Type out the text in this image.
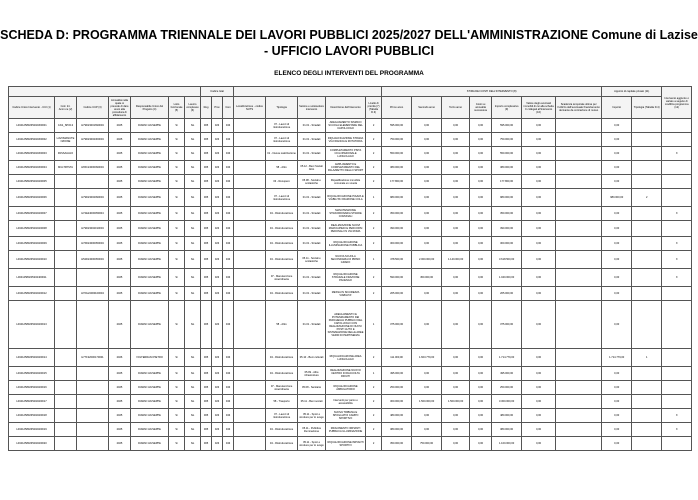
SCHEDA D: PROGRAMMA TRIENNALE DEI LAVORI PUBBLICI 2025/2027 DELL'AMMINISTRAZIONE Comune di Lazise
- UFFICIO LAVORI PUBBLICI
ELENCO DEGLI INTERVENTI DEL PROGRAMMA
							Codice Istat								STIMA DEI COSTI DELL'INTERVENTO (8)							Apporto di capitale privato (11)		Intervento aggiunto o variato a seguito di modifica programma (12)
Codice Unico Intervento - CUI (1)	Cod. Int. Amm.ne (2)	Codice CUP (3)	Annualità nella quale si prevede di dare avvio alla procedura di affidamento	Responsabile Unico del Progetto (4)	Lotto funzionale (5)	Lavoro complesso (6)	Reg	Prov	Com	Localizzazione - codice NUTS	Tipologia	Settore e sottosettore intervento	Descrizione dell'intervento	Livello di priorità (7) (Tabella D.3)	Primo anno	Secondo anno	Terzo anno	Costi su annualità successiva	Importo complessivo (9)	Valore degli eventuali immobili di cui alla scheda C collegati all'intervento (10)	Scadenza temporale ultima per l'utilizzo dell'eventuale finanziamento derivante da contrazione di mutuo	Importo	Tipologia (Tabella D.4)	
L00412580235202300001	CAS_SPO13	H79D23001690004	2025	DIANNI GIUSEPPE	Si	No	005	023	043		07 - Lavori di ristrutturazione	01.01 - Stradali	ADEGUAMENTO SISMICO SCUOLA ELEMENTARE DEL CAPOLUOGO	2	595.000,00	0,00	0,00	0,00	595.000,00	0,00		0,00		
L00412580235202300002	LAVOMANUTENZIONE	H79D23002300004	2025	DIANNI GIUSEPPE	Si	No	005	023	043		07 - Lavori di ristrutturazione	01.01 - Stradali	RIQUALIFICAZIONE STRADA VIA FRANCIA E ROTATORIA	2	750.000,00	0,00	0,00	0,00	750.000,00	0,00		0,00		
L00412580235202300003	PASSAGGIO		2025	DIANNI GIUSEPPE	Si	No	005	023	043		01 - Nuova realizzazione	01.01 - Stradali	COMPLETAMENTO PISTA CICLOPEDONALE LUNGOLAGO	2	550.000,00	0,00	0,00	0,00	550.000,00	0,00		0,00		X
L00412580235202300004	MULTIPISTA	H65C24000090004	2025	DIANNI GIUSEPPE	Si	No	005	023	043		58 - Altro	05.12 - Beni Sociali Altro	AMPLIAMENTO E COMPLETAMENTO DEL PALAZZETTO DELLO SPORT	2	380.000,00	0,00	0,00	0,00	380.000,00	0,00		0,00		
L00412580235202400005			2025	DIANNI GIUSEPPE	Si	No	005	023	043		03 - Recupero	05.08 - Sociali e scolastiche	Riqualificazione immobile comunale ex scuola	2	177.800,00	0,00	0,00	0,00	177.800,00	0,00		0,00		
L00412580235202400006		H79D23002090004	2025	DIANNI GIUSEPPE	Si	No	005	023	043		07 - Lavori di ristrutturazione	01.01 - Stradali	RIQUALIFICAZIONE PIAZZA E VIABILITA' FRAZIONE COLA	1	980.000,00	0,00	0,00	0,00	980.000,00	0,00		980.000,00	2	
L00412580235202400007		H72E24000050004	2025	DIANNI GIUSEPPE	Si	No	005	023	043		04 - Ristrutturazione	01.01 - Stradali	MANUTENZIONE STRAORDINARIA STRADE COMUNALI	2	350.000,00	0,00	0,00	0,00	350.000,00	0,00		0,00		X
L00412580235202400008		H79D23002190004	2025	DIANNI GIUSEPPE	Si	No	005	023	043		04 - Ristrutturazione	01.01 - Stradali	REALIZZAZIONE NUOVI MARCIAPIEDI E PERCORSI PEDONALI IN VIA ROMA	2	390.000,00	0,00	0,00	0,00	390.000,00	0,00		0,00		
L00412580235202400009		H76D24000050004	2025	DIANNI GIUSEPPE	Si	No	005	023	043		04 - Ristrutturazione	01.01 - Stradali	RIQUALIFICAZIONE ILLUMINAZIONE PUBBLICA	2	300.000,00	0,00	0,00	0,00	300.000,00	0,00		0,00		X
L00412580235202400010		H52D24000050004	2025	DIANNI GIUSEPPE	Si	No	005	023	043		04 - Ristrutturazione	05.11 - Sociali e scolastiche	NUOVA SCUOLA SECONDARIA DI PRIMO GRADO	1	478.500,00	2.000.000,00	1.140.000,00	0,00	3.618.500,00	0,00		0,00		X
L00412580235202400011			2025	DIANNI GIUSEPPE	Si	No	005	023	043		07 - Manutenzione straordinaria	01.01 - Stradali	RIQUALIFICAZIONE STRADALE FRAZIONE PACENGO	2	590.000,00	450.000,00	0,00	0,00	1.040.000,00	0,00		0,00		X
L00412580235202400012		H76G24000100004	2025	DIANNI GIUSEPPE	Si	No	005	023	043		04 - Ristrutturazione	01.01 - Stradali	MESSA IN SICUREZZA VIABILITA'	2	265.000,00	0,00	0,00	0,00	265.000,00	0,00		0,00		
L00412580235202400013			2025	DIANNI GIUSEPPE	Si	No	005	023	043		58 - Altro	01.01 - Stradali	ADEGUAMENTO E POTENZIAMENTO DEI PARCHEGGI PUBBLICI DEL CAPOLUOGO CON REALIZZAZIONE DI NUOVI POSTI AUTO E SISTEMAZIONE DELLE AREE VERDI DI PERTINENZA	1	375.000,00	0,00	0,00	0,00	375.000,00	0,00		0,00		
L00412580235202400014		H77F22000170001	2026	VOLTERRANI PIETRO	Si	No	005	023	043		04 - Ristrutturazione	05.10 - Beni culturali	RIQUALIFICAZIONE AREA LUNGOLAGO	2	111.000,00	1.603.779,00	0,00	0,00	1.714.779,00	0,00		1.714.779,00	1	
L00412580235202400015			2025	DIANNI GIUSEPPE	Si	No	005	023	043		04 - Ristrutturazione	05.99 - Altre infrastrutture	REALIZZAZIONE NUOVO CENTRO DI RACCOLTA RIFIUTI	1	495.000,00	0,00	0,00	0,00	495.000,00	0,00		0,00		
L00412580235202400016			2025	DIANNI GIUSEPPE	Si	No	005	023	043		07 - Manutenzione straordinaria	05.08 - Sanitarie	RIQUALIFICAZIONE AMBULATORIO	2	250.000,00	0,00	0,00	0,00	250.000,00	0,00		0,00		
L00412580235202400017			2025	DIANNI GIUSEPPE	Si	No	005	023	043		58 - Trasporto	05.11 - Beni sociali	Interventi per parco e accessibilità	2	300.000,00	1.500.000,00	1.500.000,00	0,00	3.300.000,00	0,00		0,00		
L00412580235202400018			2025	DIANNI GIUSEPPE	Si	No	005	023	043		07 - Lavori di ristrutturazione	05.11 - Sport e strutture per lo svago	NUOVA TRIBUNA E SPOGLIATOI CAMPO SPORTIVO	2	480.000,00	0,00	0,00	0,00	480.000,00	0,00		0,00		X
L00412580235202400019			2025	DIANNI GIUSEPPE	Si	No	005	023	043		04 - Ristrutturazione	05.11 - Pubblica illuminazione	RIFACIMENTO IMPIANTI PUBBLICA ILLUMINAZIONE	2	380.000,00	0,00	0,00	0,00	380.000,00	0,00		0,00		X
L00412580235202400020			2025	DIANNI GIUSEPPE	Si	No	005	023	043		04 - Ristrutturazione	05.11 - Sport e strutture per lo svago	RIQUALIFICAZIONE IMPIANTI SPORTIVI	2	350.000,00	750.000,00	0,00	0,00	1.100.000,00	0,00		0,00		
